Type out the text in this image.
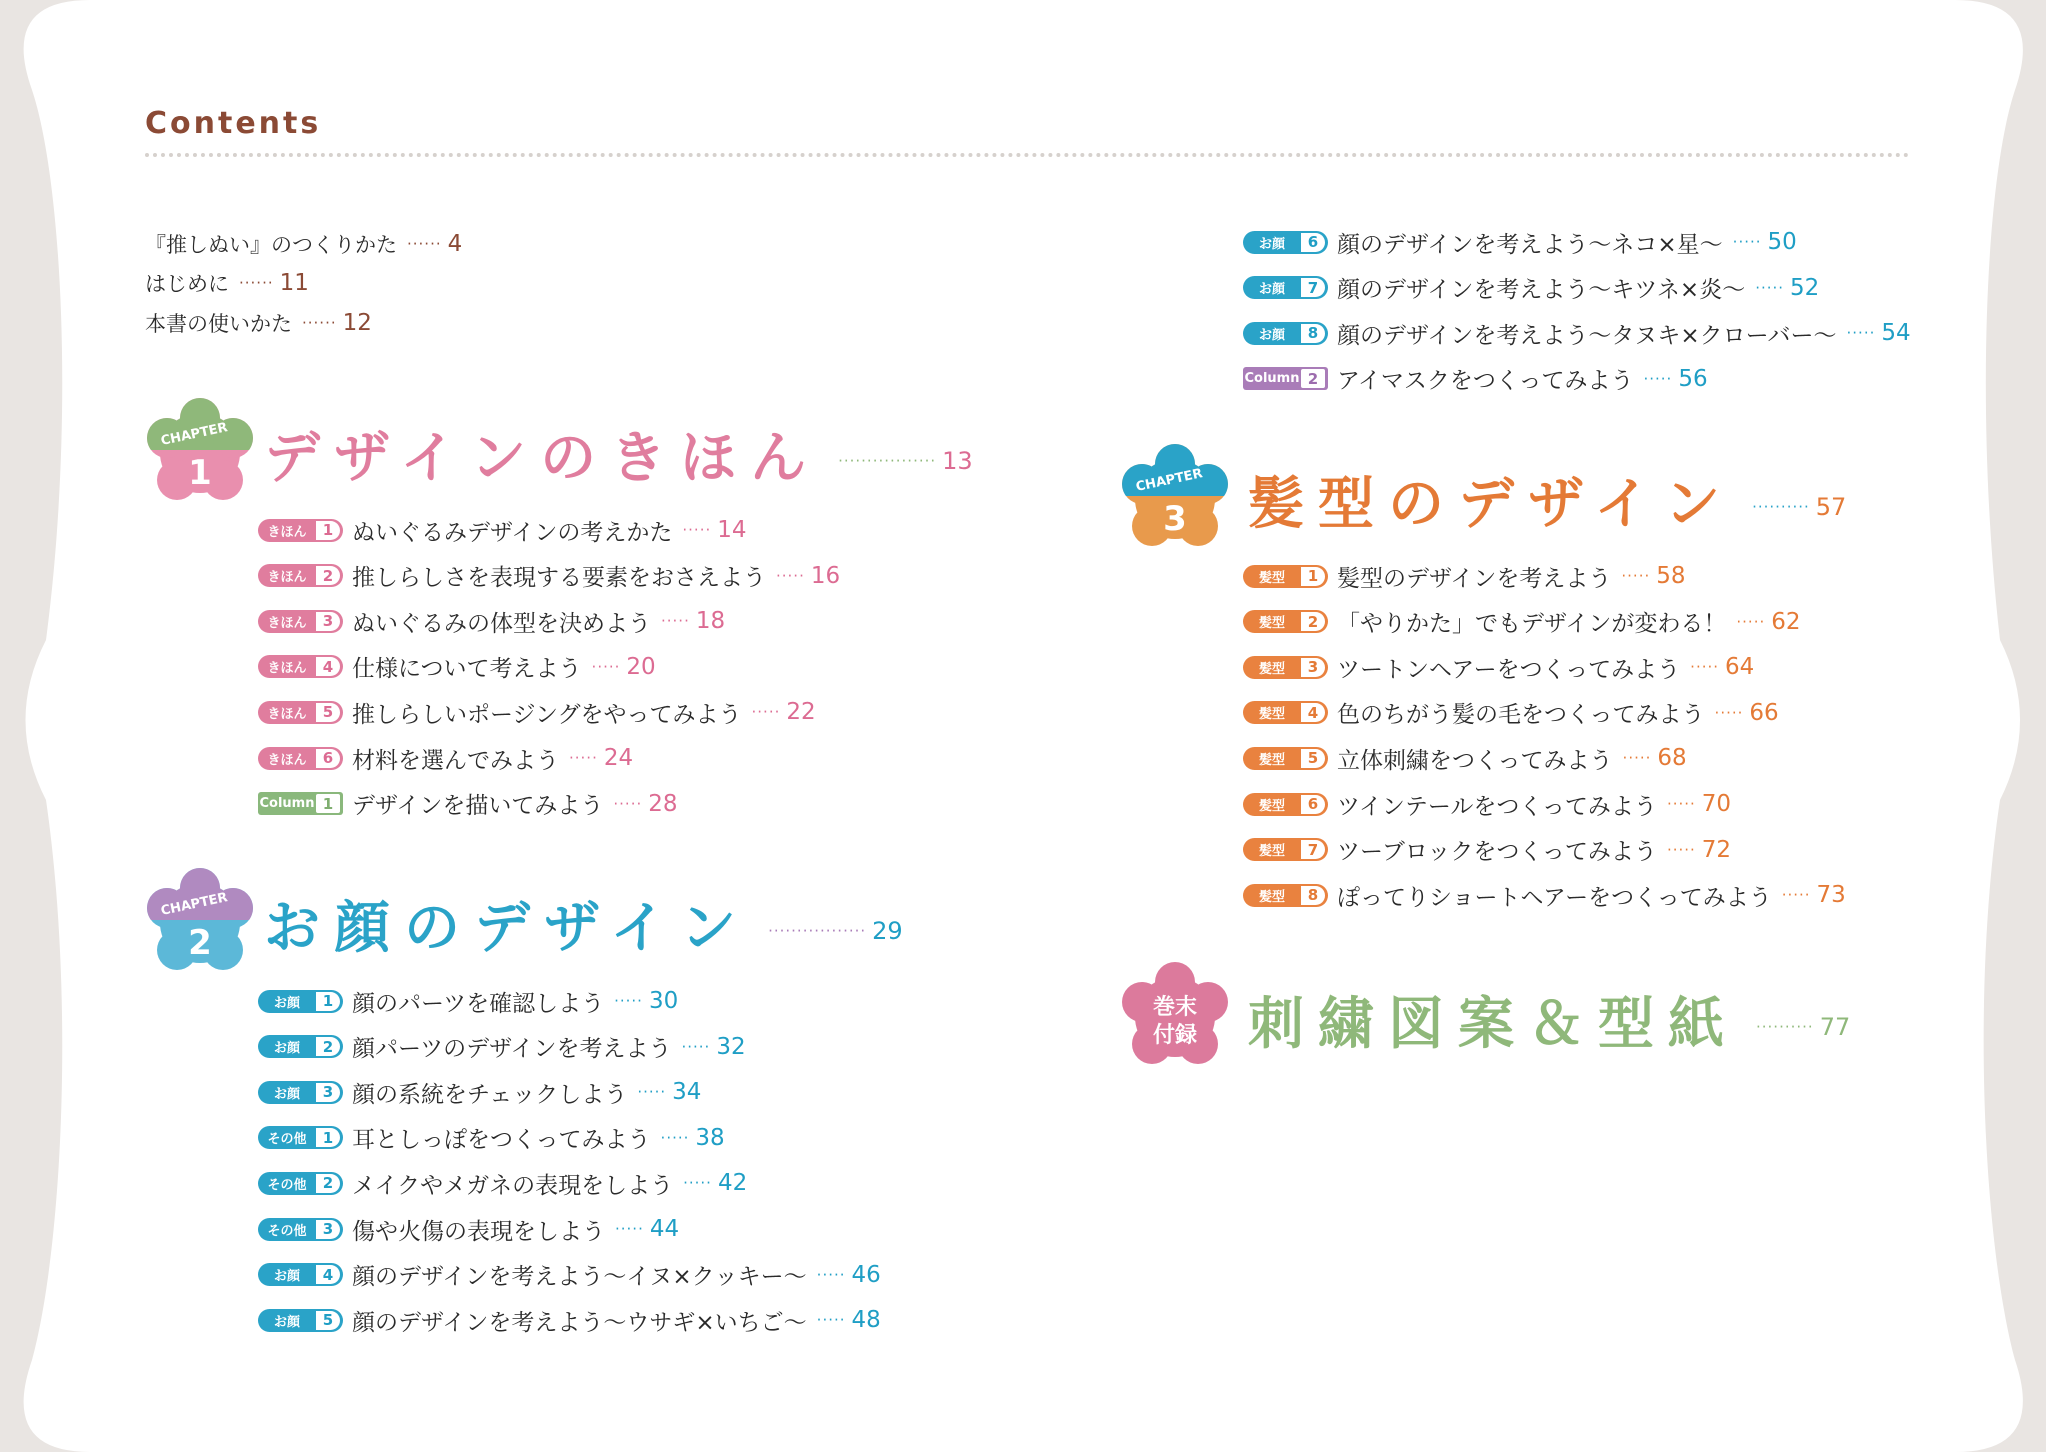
Contents
『推しぬい』のつくりかた ······ 4
はじめに ······ 11
本書の使いかた ······ 12
CHAPTER
1 デザインのきほん ················· 13
きほん	1 ぬいぐるみデザインの考えかた ····· 14
きほん	2 推しらしさを表現する要素をおさえよう ····· 16
きほん	3 ぬいぐるみの体型を決めよう ····· 18
きほん	4 仕様について考えよう ····· 20
きほん	5 推しらしいポージングをやってみよう ····· 22
きほん	6 材料を選んでみよう ····· 24
Column 1 デザインを描いてみよう ····· 28
CHAPTER
2 お顔のデザイン ················· 29
お顔	1 顔のパーツを確認しよう ····· 30
お顔	2 顔パーツのデザインを考えよう ····· 32
お顔	3 顔の系統をチェックしよう ····· 34
その他	1 耳としっぽをつくってみよう ····· 38
その他	2 メイクやメガネの表現をしよう ····· 42
その他	3 傷や火傷の表現をしよう ····· 44
お顔	4 顔のデザインを考えよう～イヌ×クッキー～ ····· 46
お顔	5 顔のデザインを考えよう～ウサギ×いちご～ ····· 48
お顔	6 顔のデザインを考えよう～ネコ×星～ ····· 50
お顔	7 顔のデザインを考えよう～キツネ×炎～ ····· 52
お顔	8 顔のデザインを考えよう～タヌキ×クローバー～ ····· 54
Column 2 アイマスクをつくってみよう ····· 56
CHAPTER
3 髪型のデザイン ·········· 57
髪型	1 髪型のデザインを考えよう ····· 58
髪型	2 「やりかた」でもデザインが変わる！ ····· 62
髪型	3 ツートンヘアーをつくってみよう ····· 64
髪型	4 色のちがう髪の毛をつくってみよう ····· 66
髪型	5 立体刺繍をつくってみよう ····· 68
髪型	6 ツインテールをつくってみよう ····· 70
髪型	7 ツーブロックをつくってみよう ····· 72
髪型	8 ぽってりショートヘアーをつくってみよう ····· 73
巻末
付録 刺繍図案＆型紙 ·········· 77
